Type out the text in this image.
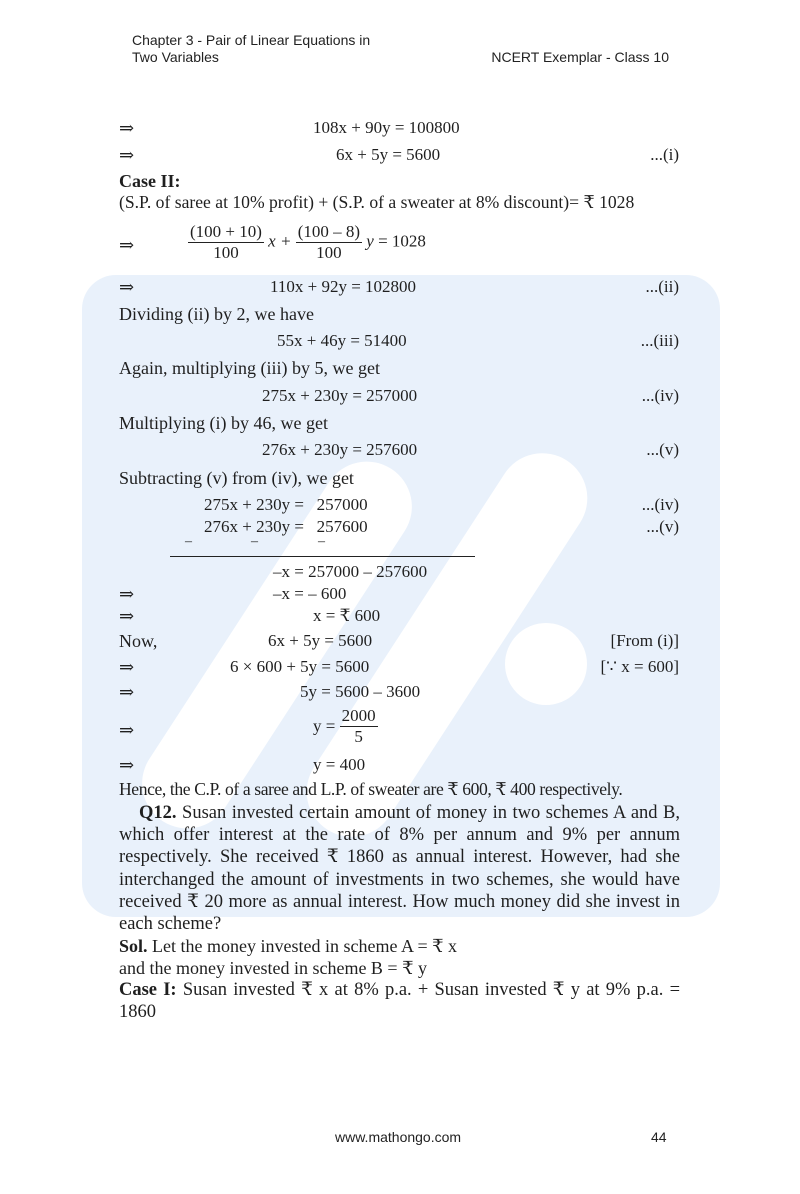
Chapter 3 - Pair of Linear Equations in
Two Variables	NCERT Exemplar - Class 10
⇒	108x + 90y = 100800
⇒	6x + 5y = 5600	...(i)
Case II:
(S.P. of saree at 10% profit) + (S.P. of a sweater at 8% discount)= ₹ 1028
⇒	$\frac{(100 + 10)}{100}$ $x + \frac{(100 - 8)}{100}$ y = 1028
⇒	110x + 92y = 102800	...(ii)
Dividing (ii) by 2, we have
55x + 46y = 51400	...(iii)
Again, multiplying (iii) by 5, we get
275x + 230y = 257000	...(iv)
Multiplying (i) by 46, we get
276x + 230y = 257600	...(v)
Subtracting (v) from (iv), we get
275x + 230y =   257000	...(iv)
276x + 230y =   257600	...(v)
–	–	–
–x = 257000 – 257600
⇒	–x = – 600
⇒	x = ₹ 600
Now,	6x + 5y = 5600	[From (i)]
⇒	6 × 600 + 5y = 5600	[∵ x = 600]
⇒	5y = 5600 – 3600
⇒	$y = \frac{2000}{5}$
⇒	y = 400
Hence, the C.P. of a saree and L.P. of sweater are ₹ 600, ₹ 400 respectively.
Q12. Susan invested certain amount of money in two schemes A and B, which offer interest at the rate of 8% per annum and 9% per annum respectively. She received ₹ 1860 as annual interest. However, had she interchanged the amount of investments in two schemes, she would have received ₹ 20 more as annual interest. How much money did she invest in each scheme?
Sol. Let the money invested in scheme A = ₹ x
and the money invested in scheme B = ₹ y
Case I: Susan invested ₹ x at 8% p.a. + Susan invested ₹ y at 9% p.a. = 1860
www.mathongo.com	44
